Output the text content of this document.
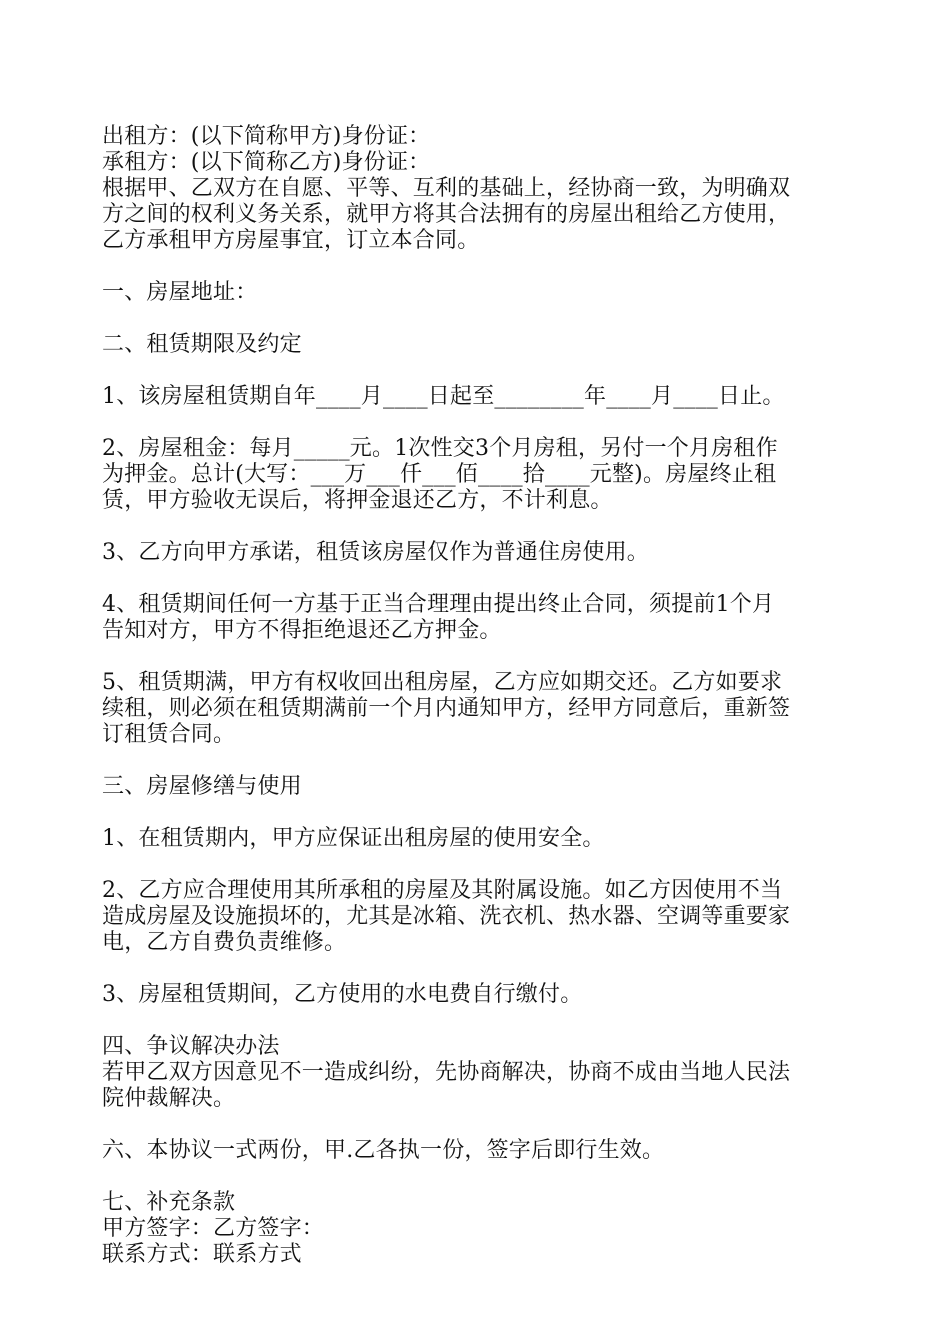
出租方：(以下简称甲方)身份证：
承租方：(以下简称乙方)身份证：
根据甲、乙双方在自愿、平等、互利的基础上，经协商一致，为明确双
方之间的权利义务关系，就甲方将其合法拥有的房屋出租给乙方使用，
乙方承租甲方房屋事宜，订立本合同。
一、房屋地址：
二、租赁期限及约定
1、该房屋租赁期自年____月____日起至________年____月____日止。
2、房屋租金：每月_____元。1次性交3个月房租，另付一个月房租作
为押金。总计(大写：___万___仟___佰____拾____元整)。房屋终止租
赁，甲方验收无误后，将押金退还乙方，不计利息。
3、乙方向甲方承诺，租赁该房屋仅作为普通住房使用。
4、租赁期间任何一方基于正当合理理由提出终止合同，须提前1个月
告知对方，甲方不得拒绝退还乙方押金。
5、租赁期满，甲方有权收回出租房屋，乙方应如期交还。乙方如要求
续租，则必须在租赁期满前一个月内通知甲方，经甲方同意后，重新签
订租赁合同。
三、房屋修缮与使用
1、在租赁期内，甲方应保证出租房屋的使用安全。
2、乙方应合理使用其所承租的房屋及其附属设施。如乙方因使用不当
造成房屋及设施损坏的，尤其是冰箱、洗衣机、热水器、空调等重要家
电，乙方自费负责维修。
3、房屋租赁期间，乙方使用的水电费自行缴付。
四、争议解决办法
若甲乙双方因意见不一造成纠纷，先协商解决，协商不成由当地人民法
院仲裁解决。
六、本协议一式两份，甲.乙各执一份，签字后即行生效。
七、补充条款
甲方签字：乙方签字：
联系方式：联系方式
